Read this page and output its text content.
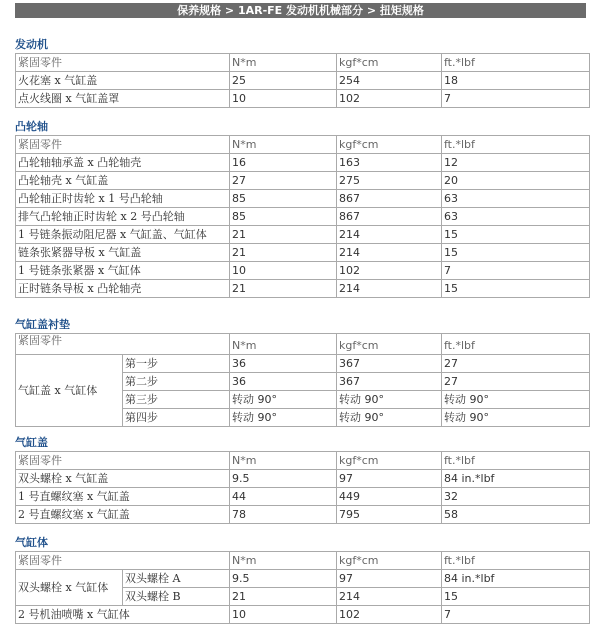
保养规格 > 1AR-FE 发动机机械部分 > 扭矩规格
发动机
紧固零件	N*m	kgf*cm	ft.*lbf
火花塞 x 气缸盖	25	254	18
点火线圈 x 气缸盖罩	10	102	7
凸轮轴
紧固零件	N*m	kgf*cm	ft.*lbf
凸轮轴轴承盖 x 凸轮轴壳	16	163	12
凸轮轴壳 x 气缸盖	27	275	20
凸轮轴正时齿轮 x 1 号凸轮轴	85	867	63
排气凸轮轴正时齿轮 x 2 号凸轮轴	85	867	63
1 号链条振动阻尼器 x 气缸盖、气缸体	21	214	15
链条张紧器导板 x 气缸盖	21	214	15
1 号链条张紧器 x 气缸体	10	102	7
正时链条导板 x 凸轮轴壳	21	214	15
气缸盖衬垫
紧固零件		N*m	kgf*cm	ft.*lbf
气缸盖 x 气缸体	第一步	36	367	27
	第二步	36	367	27
	第三步	转动 90°	转动 90°	转动 90°
	第四步	转动 90°	转动 90°	转动 90°
气缸盖
紧固零件	N*m	kgf*cm	ft.*lbf
双头螺栓 x 气缸盖	9.5	97	84 in.*lbf
1 号直螺纹塞 x 气缸盖	44	449	32
2 号直螺纹塞 x 气缸盖	78	795	58
气缸体
紧固零件		N*m	kgf*cm	ft.*lbf
双头螺栓 x 气缸体	双头螺栓 A	9.5	97	84 in.*lbf
	双头螺栓 B	21	214	15
2 号机油喷嘴 x 气缸体		10	102	7
